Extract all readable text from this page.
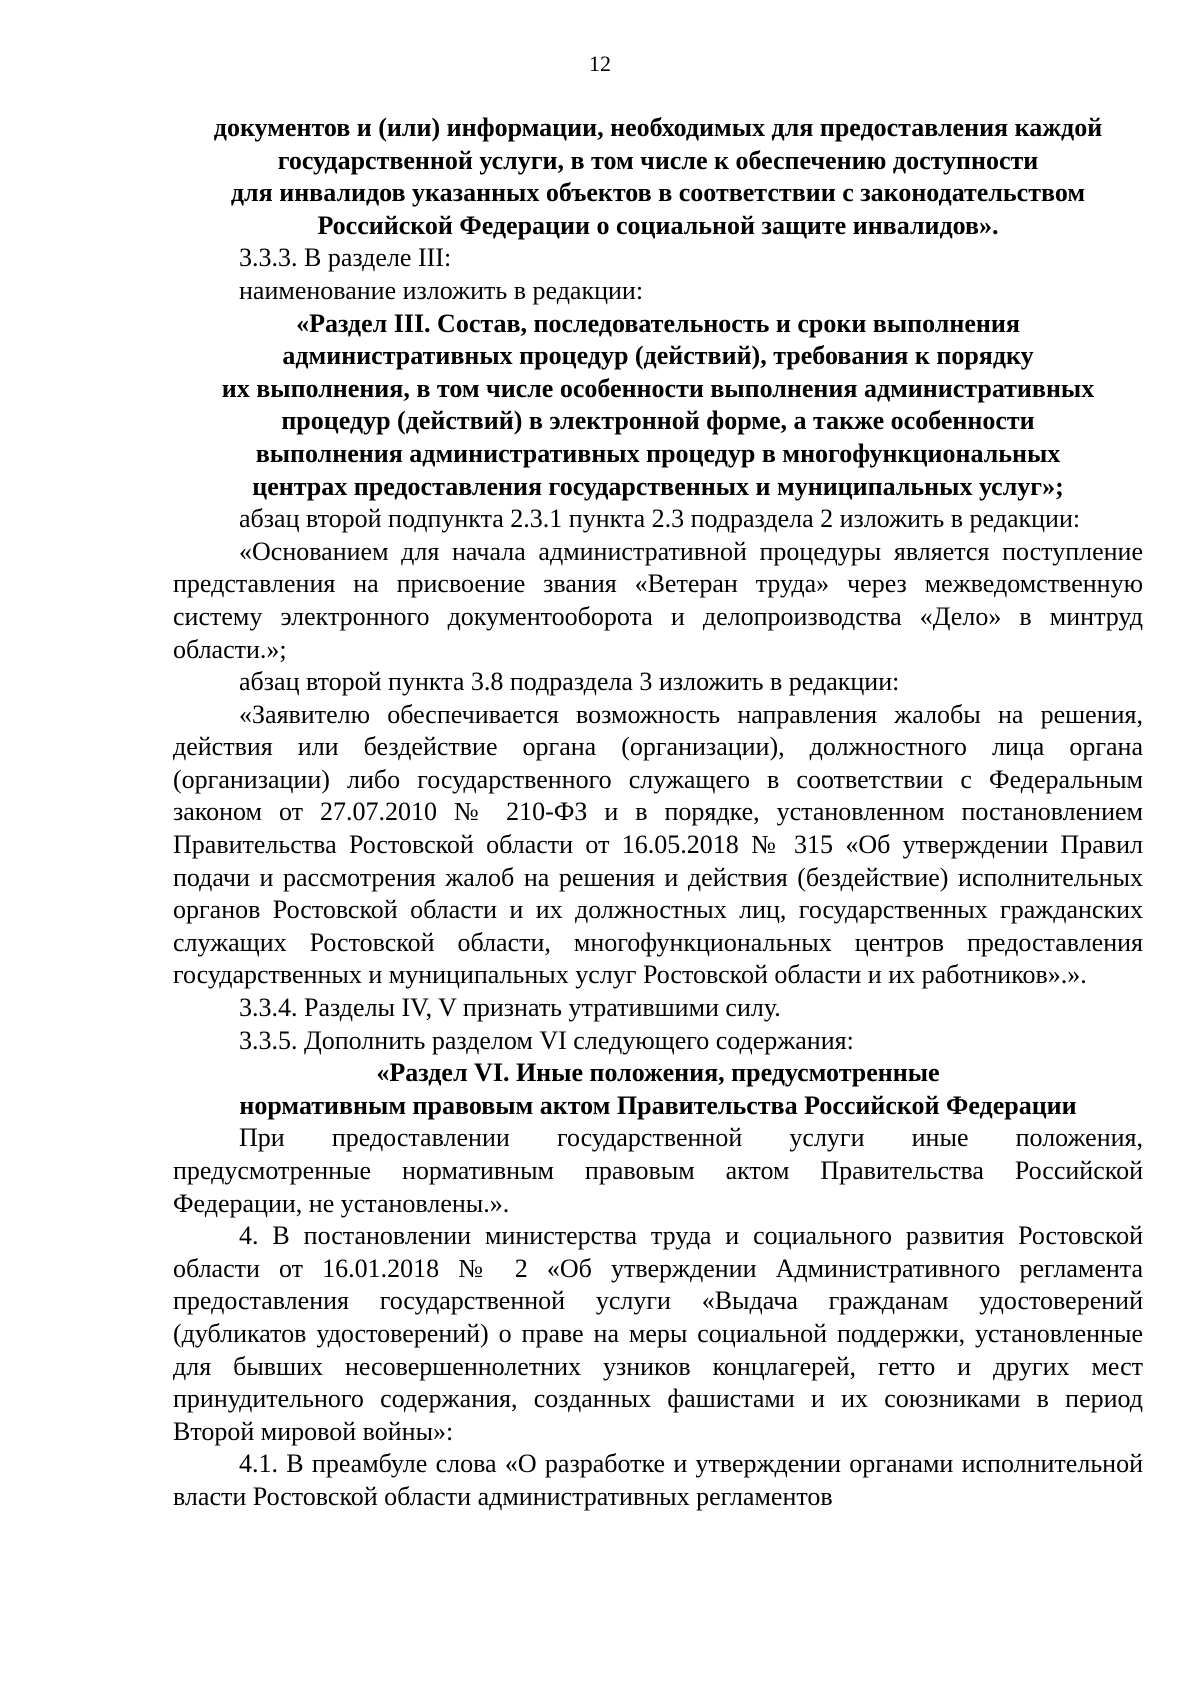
12
документов и (или) информации, необходимых для предоставления каждой
государственной услуги, в том числе к обеспечению доступности
для инвалидов указанных объектов в соответствии с законодательством
Российской Федерации о социальной защите инвалидов».

3.3.3. В разделе III:

наименование изложить в редакции:

«Раздел III. Состав, последовательность и сроки выполнения
административных процедур (действий), требования к порядку
их выполнения, в том числе особенности выполнения административных
процедур (действий) в электронной форме, а также особенности
выполнения административных процедур в многофункциональных
центрах предоставления государственных и муниципальных услуг»;

абзац второй подпункта 2.3.1 пункта 2.3 подраздела 2 изложить в редакции:

«Основанием для начала административной процедуры является поступление представления на присвоение звания «Ветеран труда» через межведомственную систему электронного документооборота и делопроизводства «Дело» в минтруд области.»;

абзац второй пункта 3.8 подраздела 3 изложить в редакции:

«Заявителю обеспечивается возможность направления жалобы на решения, действия или бездействие органа (организации), должностного лица органа (организации) либо государственного служащего в соответствии с Федеральным законом от 27.07.2010 № 210-ФЗ и в порядке, установленном постановлением Правительства Ростовской области от 16.05.2018 № 315 «Об утверждении Правил подачи и рассмотрения жалоб на решения и действия (бездействие) исполнительных органов Ростовской области и их должностных лиц, государственных гражданских служащих Ростовской области, многофункциональных центров предоставления государственных и муниципальных услуг Ростовской области и их работников».».

3.3.4. Разделы IV, V признать утратившими силу.

3.3.5. Дополнить разделом VI следующего содержания:

«Раздел VI. Иные положения, предусмотренные
нормативным правовым актом Правительства Российской Федерации

При предоставлении государственной услуги иные положения, предусмотренные нормативным правовым актом Правительства Российской Федерации, не установлены.».

4. В постановлении министерства труда и социального развития Ростовской области от 16.01.2018 № 2 «Об утверждении Административного регламента предоставления государственной услуги «Выдача гражданам удостоверений (дубликатов удостоверений) о праве на меры социальной поддержки, установленные для бывших несовершеннолетних узников концлагерей, гетто и других мест принудительного содержания, созданных фашистами и их союзниками в период Второй мировой войны»:

4.1. В преамбуле слова «О разработке и утверждении органами исполнительной власти Ростовской области административных регламентов
